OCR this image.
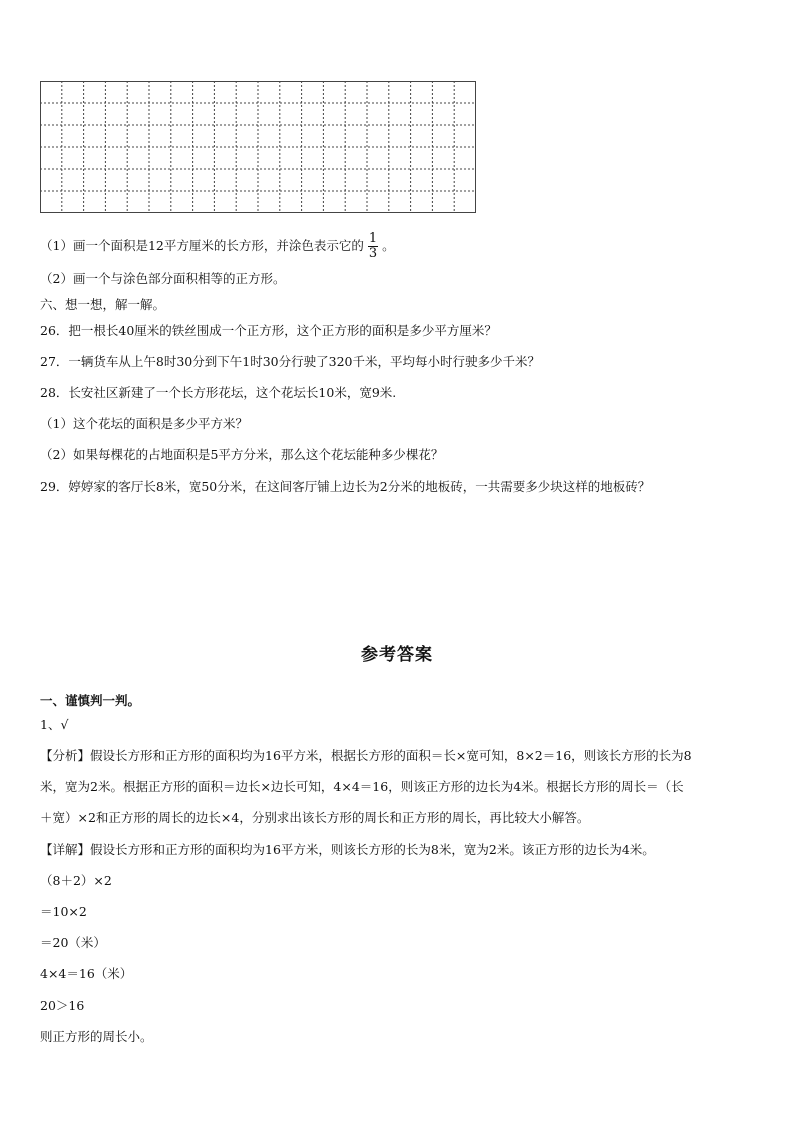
（1）画一个面积是12平方厘米的长方形，并涂色表示它的 $\frac{1}{3}$ 。
（2）画一个与涂色部分面积相等的正方形。
六、想一想，解一解。
26．把一根长40厘米的铁丝围成一个正方形，这个正方形的面积是多少平方厘米？
27．一辆货车从上午8时30分到下午1时30分行驶了320千米，平均每小时行驶多少千米？
28．长安社区新建了一个长方形花坛，这个花坛长10米，宽9米.
（1）这个花坛的面积是多少平方米？
（2）如果每棵花的占地面积是5平方分米，那么这个花坛能种多少棵花？
29．婷婷家的客厅长8米，宽50分米，在这间客厅铺上边长为2分米的地板砖，一共需要多少块这样的地板砖？
参考答案
一、谨慎判一判。
1、√
【分析】假设长方形和正方形的面积均为16平方米，根据长方形的面积＝长×宽可知，8×2＝16，则该长方形的长为8
米，宽为2米。根据正方形的面积＝边长×边长可知，4×4＝16，则该正方形的边长为4米。根据长方形的周长＝（长
＋宽）×2和正方形的周长的边长×4，分别求出该长方形的周长和正方形的周长，再比较大小解答。
【详解】假设长方形和正方形的面积均为16平方米，则该长方形的长为8米，宽为2米。该正方形的边长为4米。
（8＋2）×2
＝10×2
＝20（米）
4×4＝16（米）
20＞16
则正方形的周长小。
